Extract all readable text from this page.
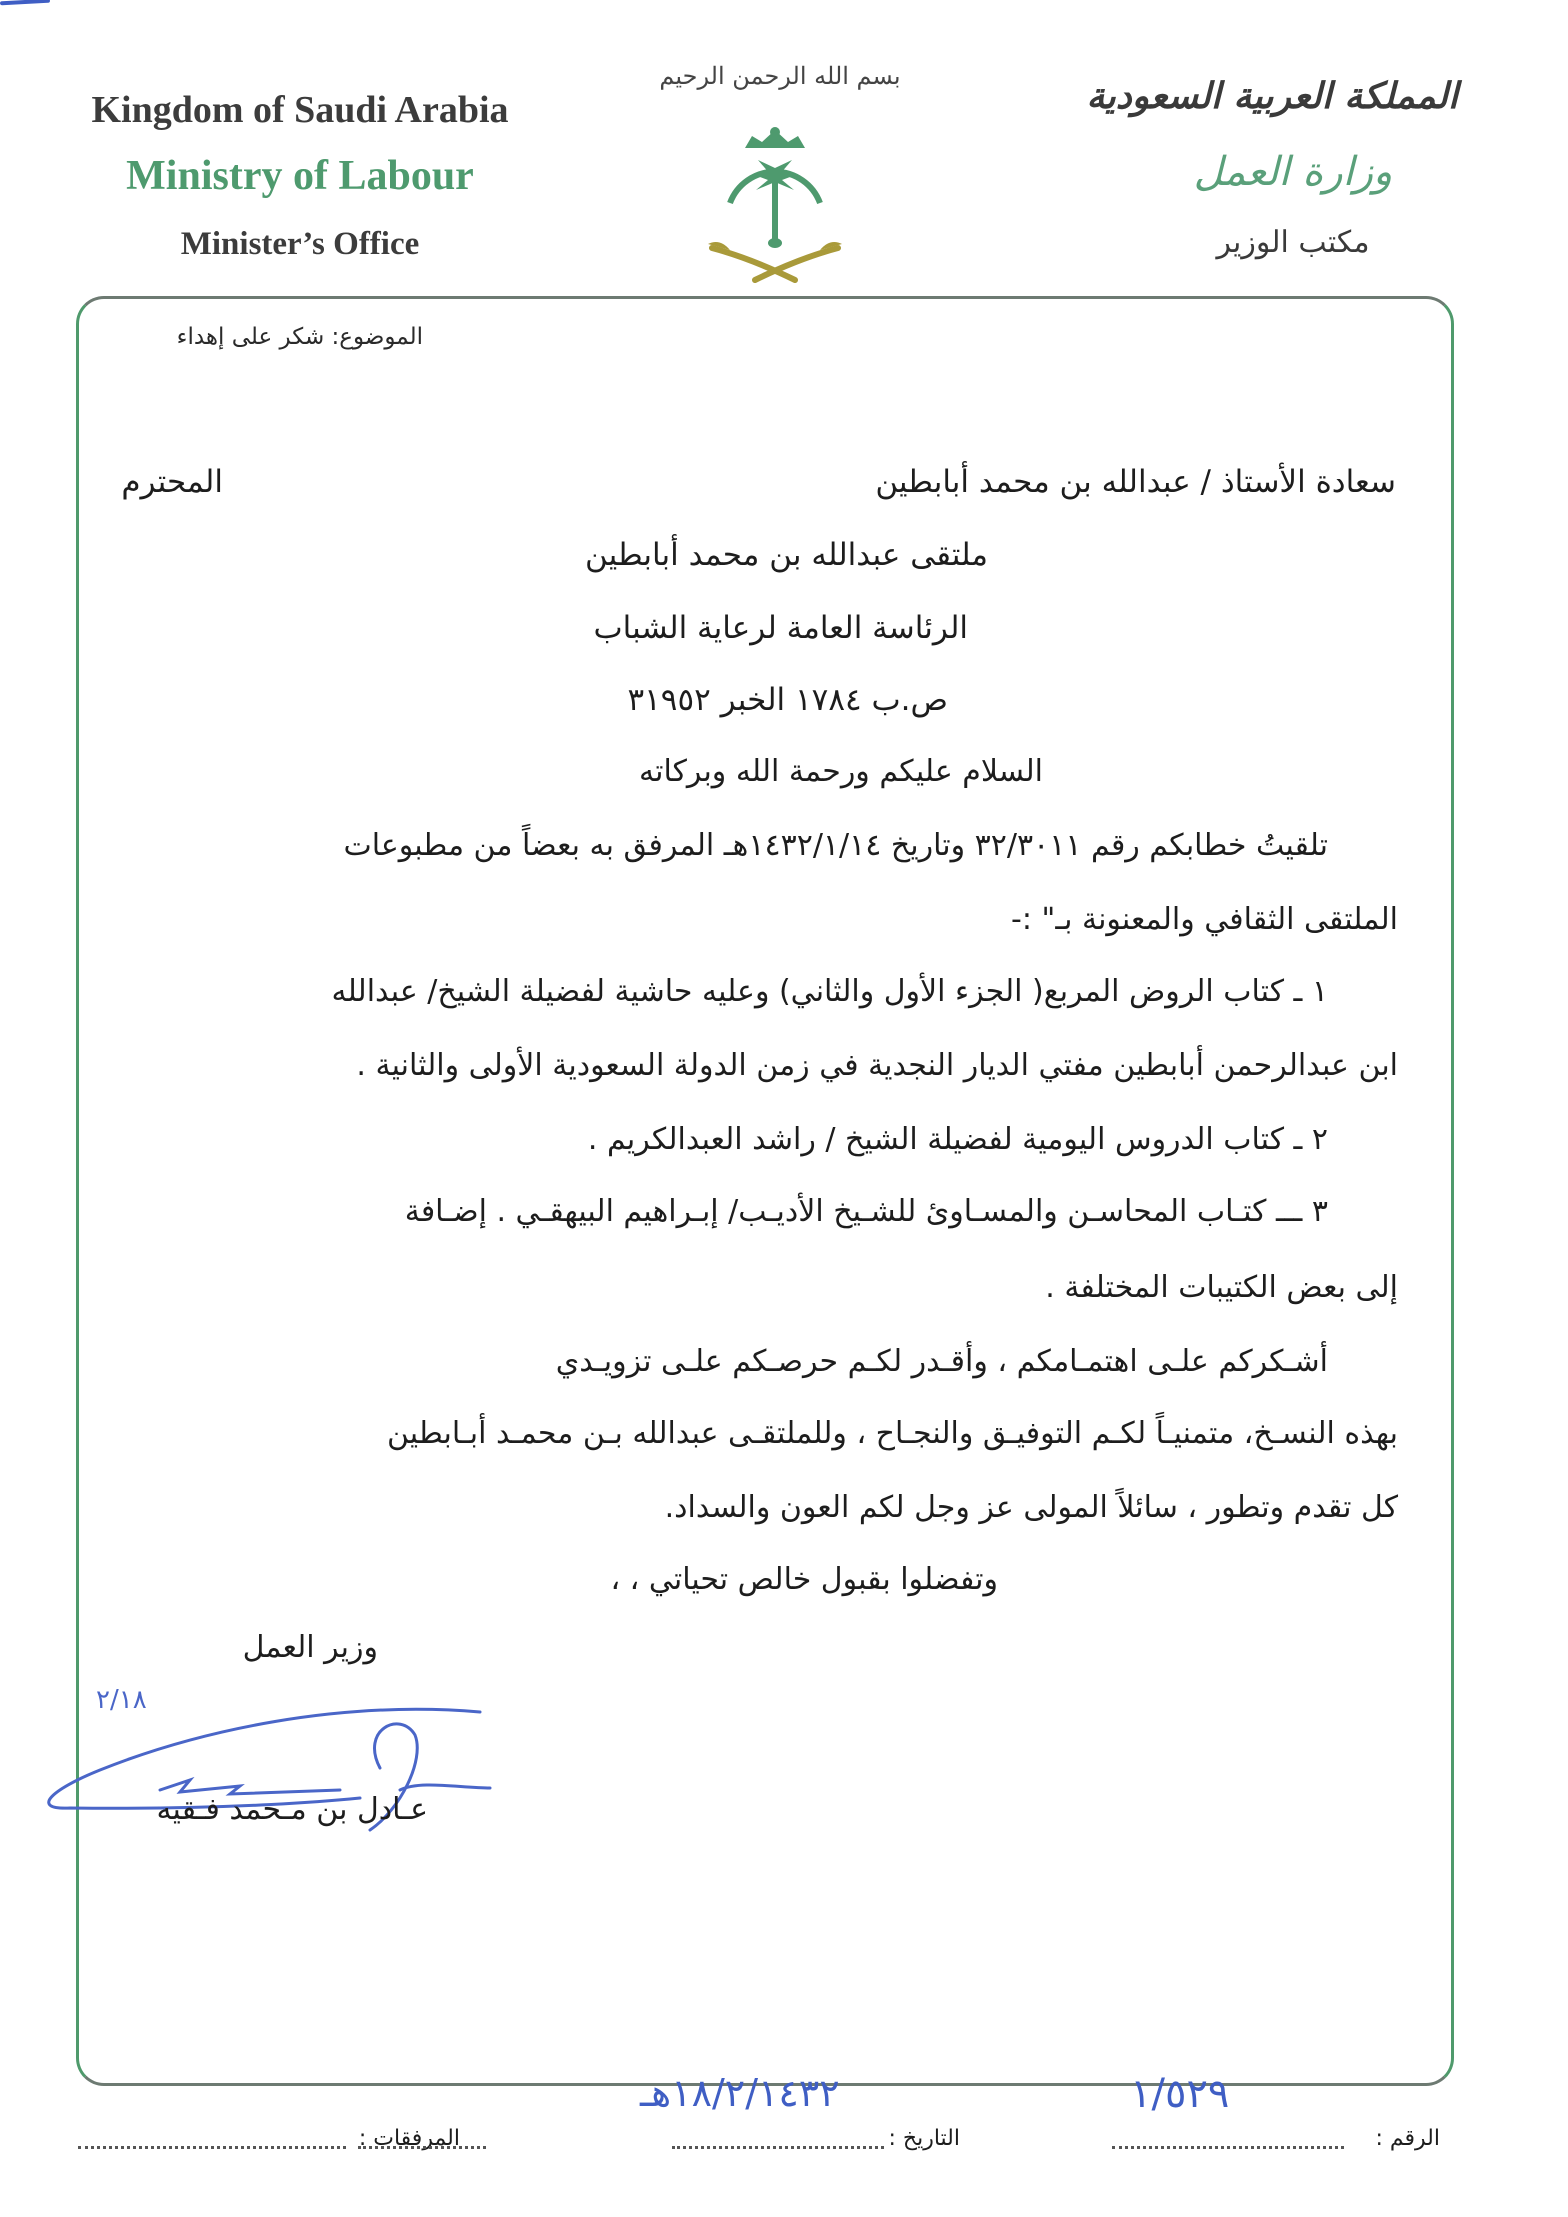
Kingdom of Saudi Arabia
Ministry of Labour
Minister’s Office
بسم الله الرحمن الرحيم	المملكة العربية السعودية
وزارة العمل
مكتب الوزير
الموضوع: شكر على إهداء
سعادة الأستاذ / عبدالله بن محمد أبابطين
المحترم
ملتقى عبدالله بن محمد أبابطين
الرئاسة العامة لرعاية الشباب
ص.ب ١٧٨٤ الخبر ٣١٩٥٢
السلام عليكم ورحمة الله وبركاته
تلقيتُ خطابكم رقم ٣٢/٣٠١١ وتاريخ ١٤٣٢/١/١٤هـ المرفق به بعضاً من مطبوعات
الملتقى الثقافي والمعنونة بـ" :-
١ ـ كتاب الروض المربع( الجزء الأول والثاني) وعليه حاشية لفضيلة الشيخ/ عبدالله
ابن عبدالرحمن أبابطين مفتي الديار النجدية في زمن الدولة السعودية الأولى والثانية .
٢ ـ كتاب الدروس اليومية لفضيلة الشيخ / راشد العبدالكريم .
٣ ـــ كتـاب المحاسـن والمسـاوئ للشـيخ الأديـب/ إبـراهيم البيهقـي . إضـافة
إلى بعض الكتيبات المختلفة .
أشـكركم علـى اهتمـامكم ، وأقـدر لكـم حرصـكم علـى تزويـدي
بهذه النسـخ، متمنيـاً لكـم التوفيـق والنجـاح ، وللملتقـى عبدالله بـن محمـد أبـابطين
كل تقدم وتطور ، سائلاً المولى عز وجل لكم العون والسداد.
وتفضلوا بقبول خالص تحياتي ، ،
وزير العمل
٢/١٨
عـادل بن مـحمد فـقيه
الرقم :
١/٥٢٩
التاريخ :
١٨/٢/١٤٣٢هـ
المرفقات :
